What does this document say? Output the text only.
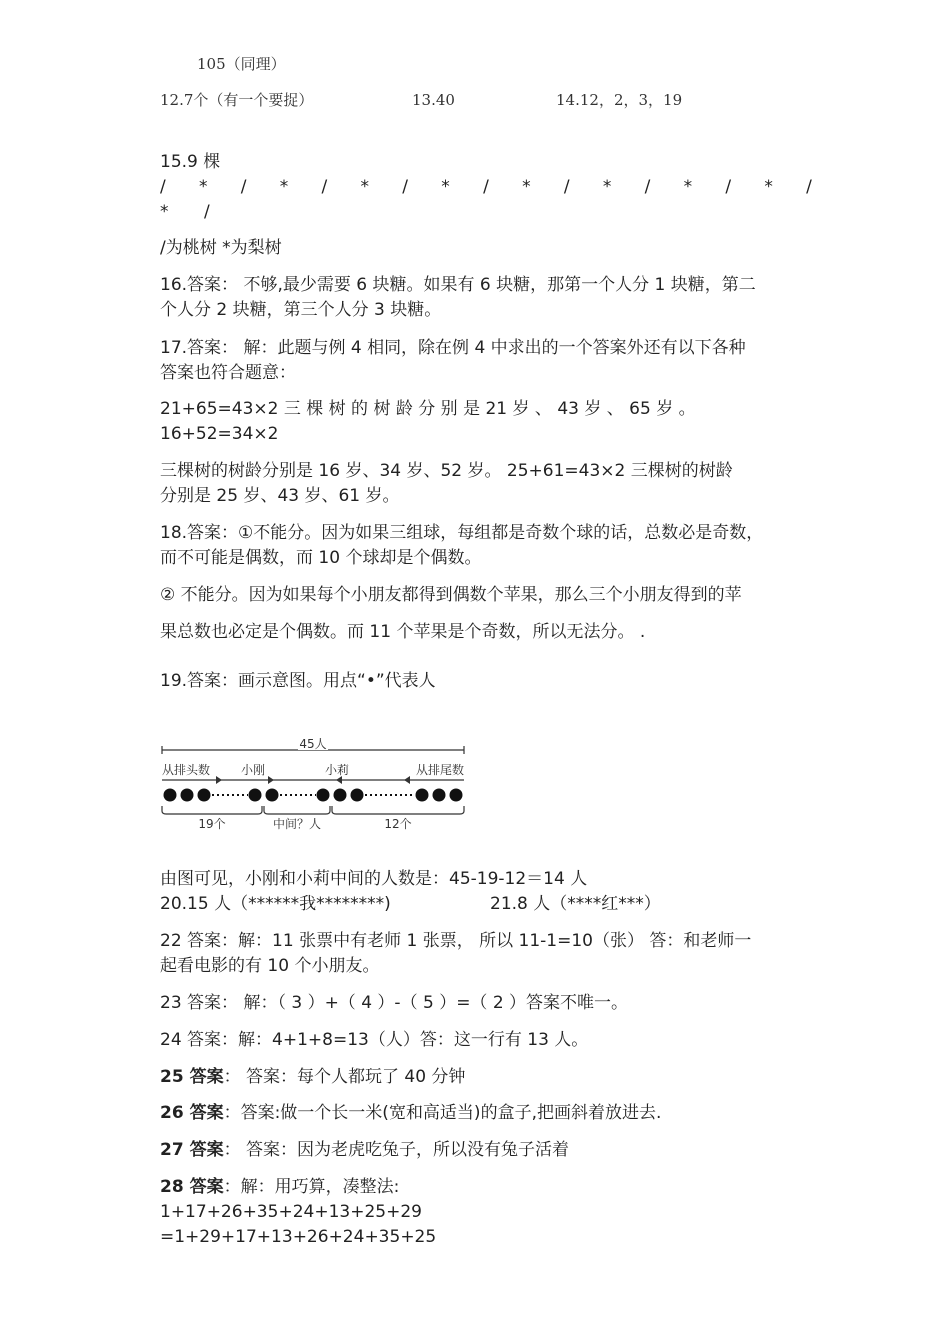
105（同理）
12.7个（有一个要捉）	13.40	14.12，2，3，19
15.9 棵
/ * / * / * / * / * / * / * / * /
* /
/为桃树 *为梨树
16.答案： 不够,最少需要 6 块糖。如果有 6 块糖，那第一个人分 1 块糖，第二
个人分 2 块糖，第三个人分 3 块糖。
17.答案： 解：此题与例 4 相同，除在例 4 中求出的一个答案外还有以下各种
答案也符合题意：
21+65=43×2 三 棵 树 的 树 龄 分 别 是 21 岁 、 43 岁 、 65 岁 。
16+52=34×2
三棵树的树龄分别是 16 岁、34 岁、52 岁。 25+61=43×2 三棵树的树龄
分别是 25 岁、43 岁、61 岁。
18.答案：①不能分。因为如果三组球，每组都是奇数个球的话，总数必是奇数，
而不可能是偶数，而 10 个球却是个偶数。
② 不能分。因为如果每个小朋友都得到偶数个苹果，那么三个小朋友得到的苹
果总数也必定是个偶数。而 11 个苹果是个奇数，所以无法分。 .
19.答案：画示意图。用点“•”代表人
45人
从排头数	小刚	小莉	从排尾数
19个	中间？人	12个
由图可见，小刚和小莉中间的人数是：45-19-12＝14 人
20.15 人（******我********)	21.8 人（****红***）
22 答案：解：11 张票中有老师 1 张票， 所以 11-1=10（张） 答：和老师一
起看电影的有 10 个小朋友。
23 答案： 解：（ 3 ）+（ 4 ）-（ 5 ）=（ 2 ）答案不唯一。
24 答案：解：4+1+8=13（人）答：这一行有 13 人。
25 答案： 答案：每个人都玩了 40 分钟
26 答案：答案:做一个长一米(宽和高适当)的盒子,把画斜着放进去.
27 答案： 答案：因为老虎吃兔子，所以没有兔子活着
28 答案：解：用巧算，凑整法:
1+17+26+35+24+13+25+29
=1+29+17+13+26+24+35+25
